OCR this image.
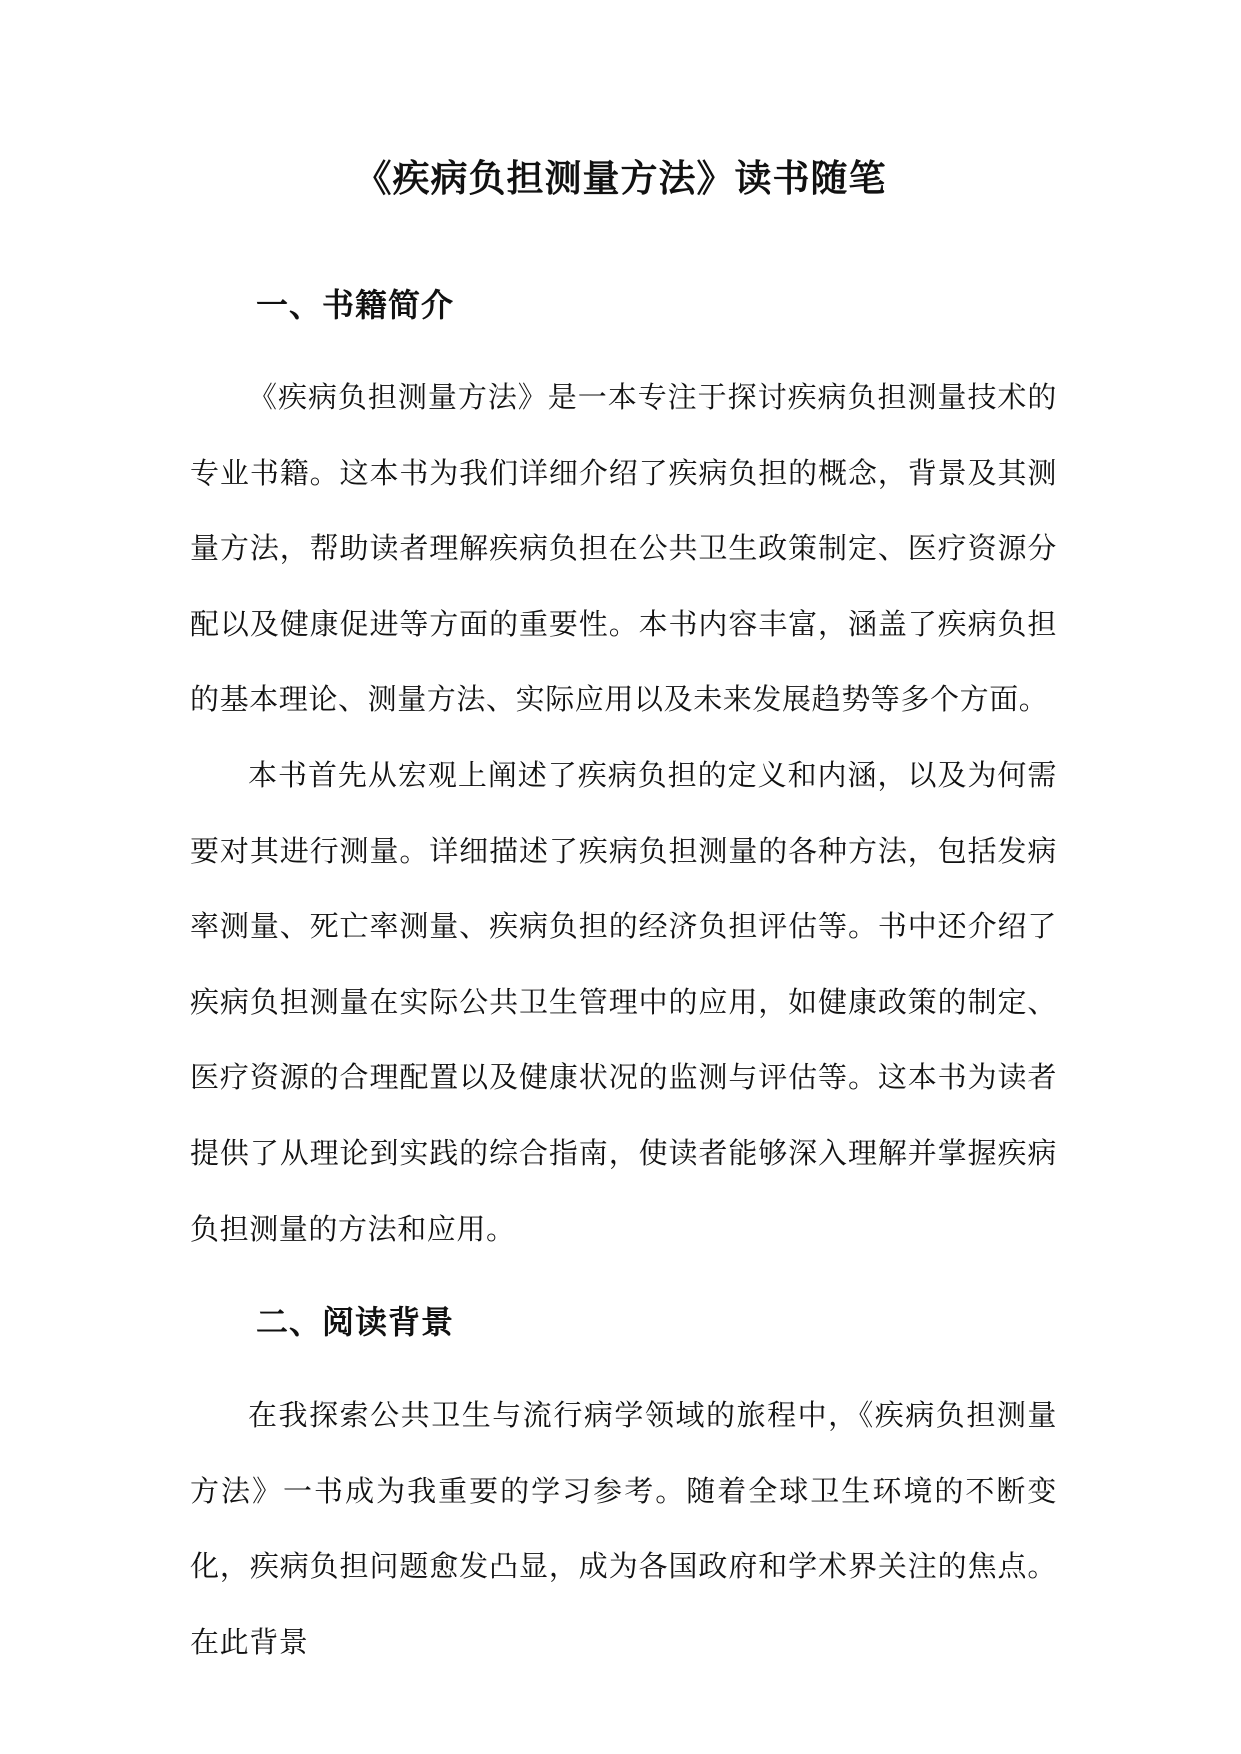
《疾病负担测量方法》读书随笔
一、书籍简介

《疾病负担测量方法》是一本专注于探讨疾病负担测量技术的专业书籍。这本书为我们详细介绍了疾病负担的概念，背景及其测量方法，帮助读者理解疾病负担在公共卫生政策制定、医疗资源分配以及健康促进等方面的重要性。本书内容丰富，涵盖了疾病负担的基本理论、测量方法、实际应用以及未来发展趋势等多个方面。

本书首先从宏观上阐述了疾病负担的定义和内涵，以及为何需要对其进行测量。详细描述了疾病负担测量的各种方法，包括发病率测量、死亡率测量、疾病负担的经济负担评估等。书中还介绍了疾病负担测量在实际公共卫生管理中的应用，如健康政策的制定、医疗资源的合理配置以及健康状况的监测与评估等。这本书为读者提供了从理论到实践的综合指南，使读者能够深入理解并掌握疾病负担测量的方法和应用。

二、阅读背景

在我探索公共卫生与流行病学领域的旅程中，《疾病负担测量方法》一书成为我重要的学习参考。随着全球卫生环境的不断变化，疾病负担问题愈发凸显，成为各国政府和学术界关注的焦点。在此背景
